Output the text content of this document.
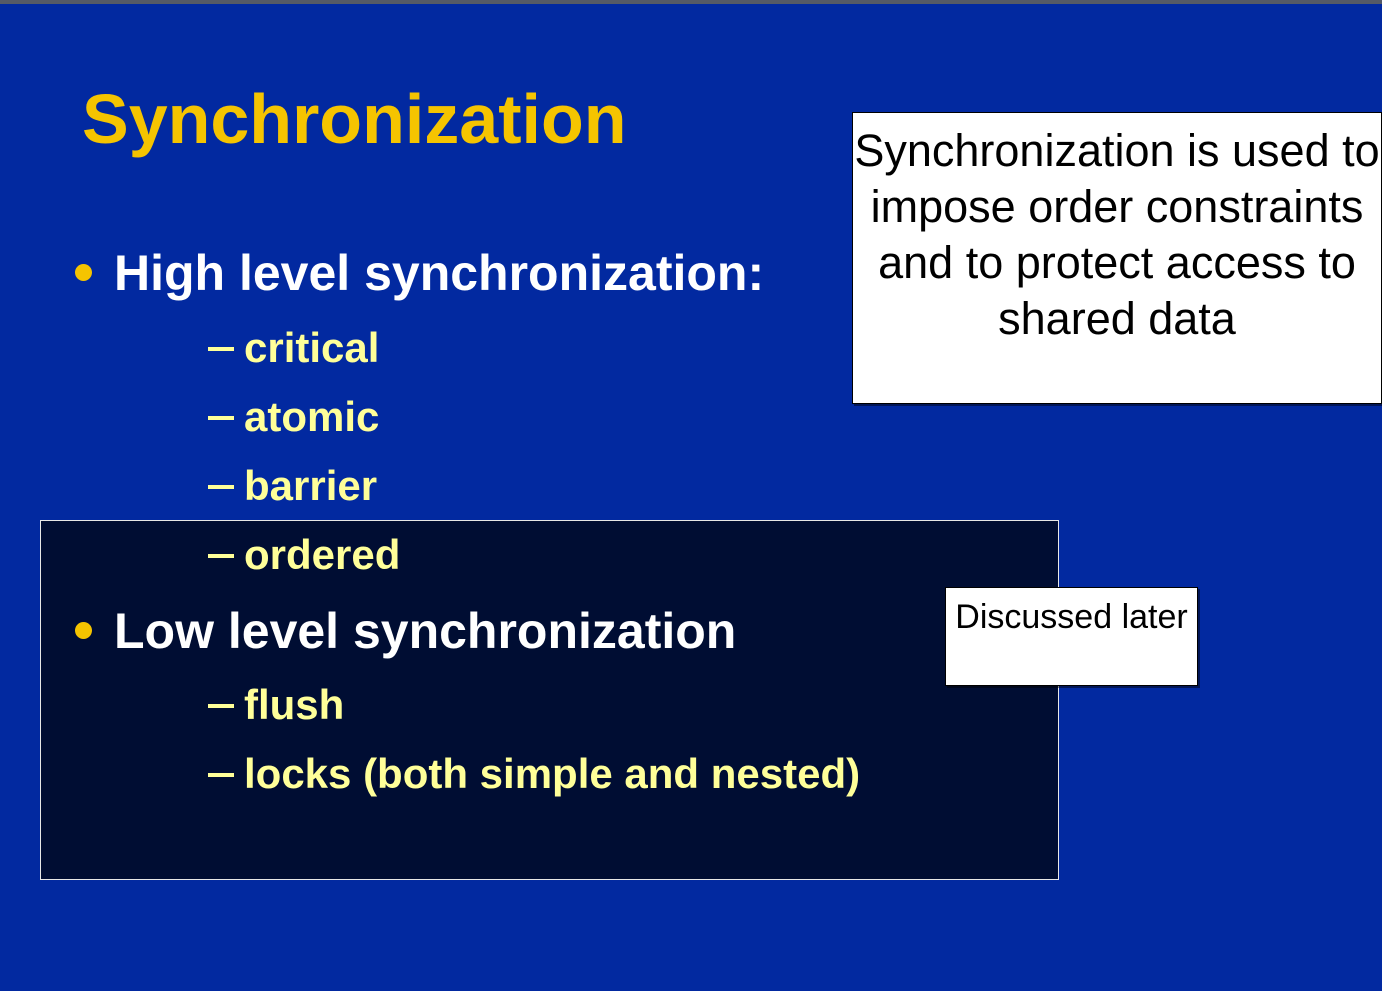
Synchronization
High level synchronization:
critical
atomic
barrier
ordered
Low level synchronization
flush
locks (both simple and nested)
Synchronization is used to impose order constraints and to protect access to shared data
Discussed later
